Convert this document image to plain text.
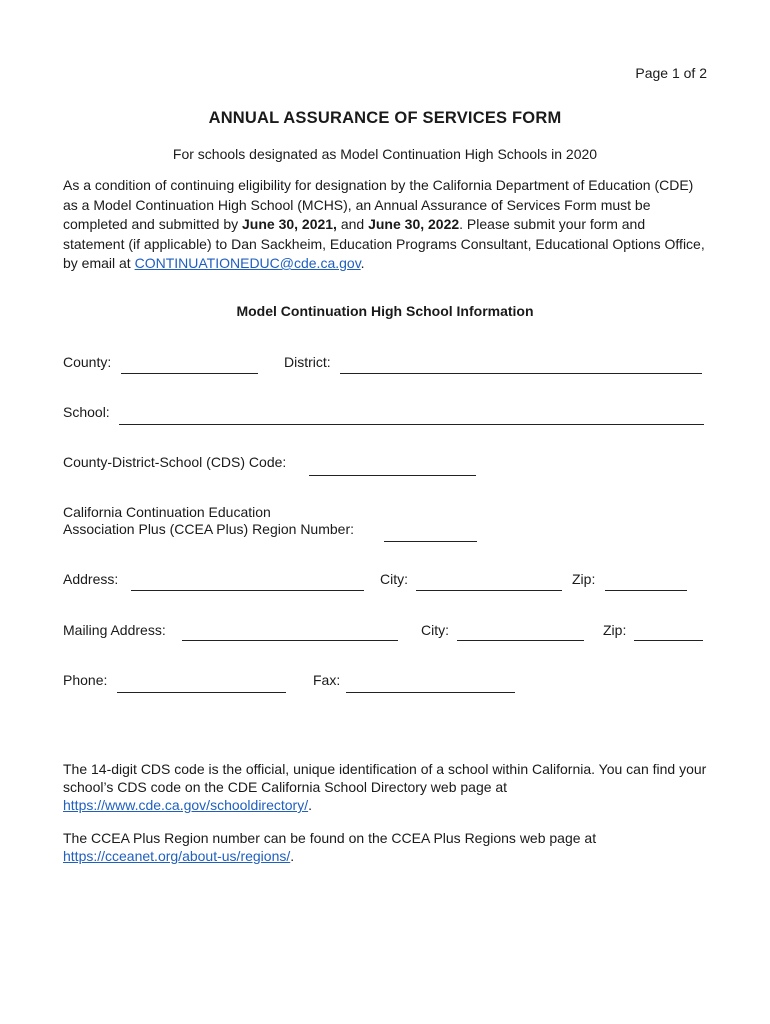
Page 1 of 2
ANNUAL ASSURANCE OF SERVICES FORM
For schools designated as Model Continuation High Schools in 2020
As a condition of continuing eligibility for designation by the California Department of Education (CDE) as a Model Continuation High School (MCHS), an Annual Assurance of Services Form must be completed and submitted by June 30, 2021, and June 30, 2022. Please submit your form and statement (if applicable) to Dan Sackheim, Education Programs Consultant, Educational Options Office, by email at CONTINUATIONEDUC@cde.ca.gov.
Model Continuation High School Information
County:	District:
School:
County-District-School (CDS) Code:
California Continuation Education
Association Plus (CCEA Plus) Region Number:
Address:	City:	Zip:
Mailing Address:	City:	Zip:
Phone:	Fax:
The 14-digit CDS code is the official, unique identification of a school within California. You can find your school’s CDS code on the CDE California School Directory web page at https://www.cde.ca.gov/schooldirectory/.
The CCEA Plus Region number can be found on the CCEA Plus Regions web page at https://cceanet.org/about-us/regions/.
